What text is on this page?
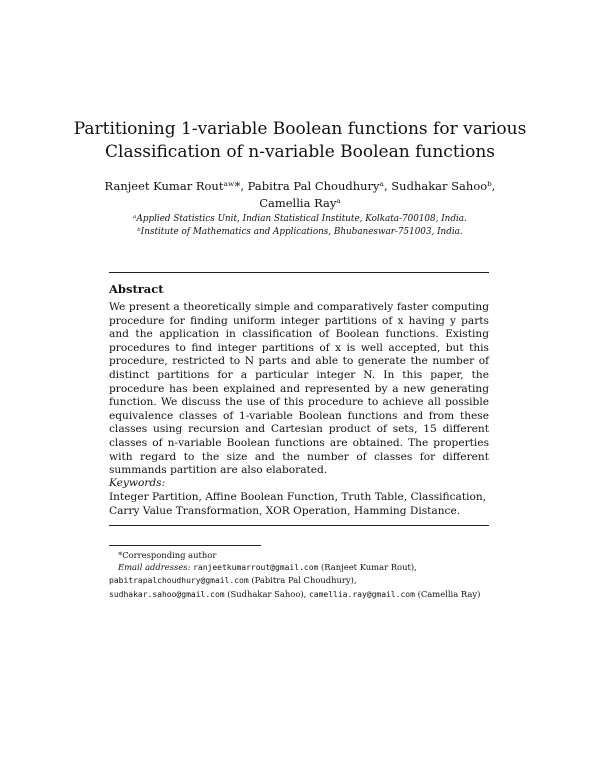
Partitioning 1-variable Boolean functions for various
Classification of n-variable Boolean functions
Ranjeet Kumar Routᵃʷ*, Pabitra Pal Choudhuryᵃ, Sudhakar Sahooᵇ,
Camellia Rayᵃ
ᵃApplied Statistics Unit, Indian Statistical Institute, Kolkata-700108, India.
ᵇInstitute of Mathematics and Applications, Bhubaneswar-751003, India.
Abstract
We present a theoretically simple and comparatively faster computing procedure for finding uniform integer partitions of x having y parts and the application in classification of Boolean functions. Existing procedures to find integer partitions of x is well accepted, but this procedure, restricted to N parts and able to generate the number of distinct partitions for a particular integer N. In this paper, the procedure has been explained and represented by a new generating function. We discuss the use of this procedure to achieve all possible equivalence classes of 1-variable Boolean functions and from these classes using recursion and Cartesian product of sets, 15 different classes of n-variable Boolean functions are obtained. The properties with regard to the size and the number of classes for different summands partition are also elaborated.
Keywords:
Integer Partition, Affine Boolean Function, Truth Table, Classification,
Carry Value Transformation, XOR Operation, Hamming Distance.
*Corresponding author
Email addresses: ranjeetkumarrout@gmail.com (Ranjeet Kumar Rout),
pabitrapalchoudhury@gmail.com (Pabitra Pal Choudhury),
sudhakar.sahoo@gmail.com (Sudhakar Sahoo), camellia.ray@gmail.com (Camellia Ray)
